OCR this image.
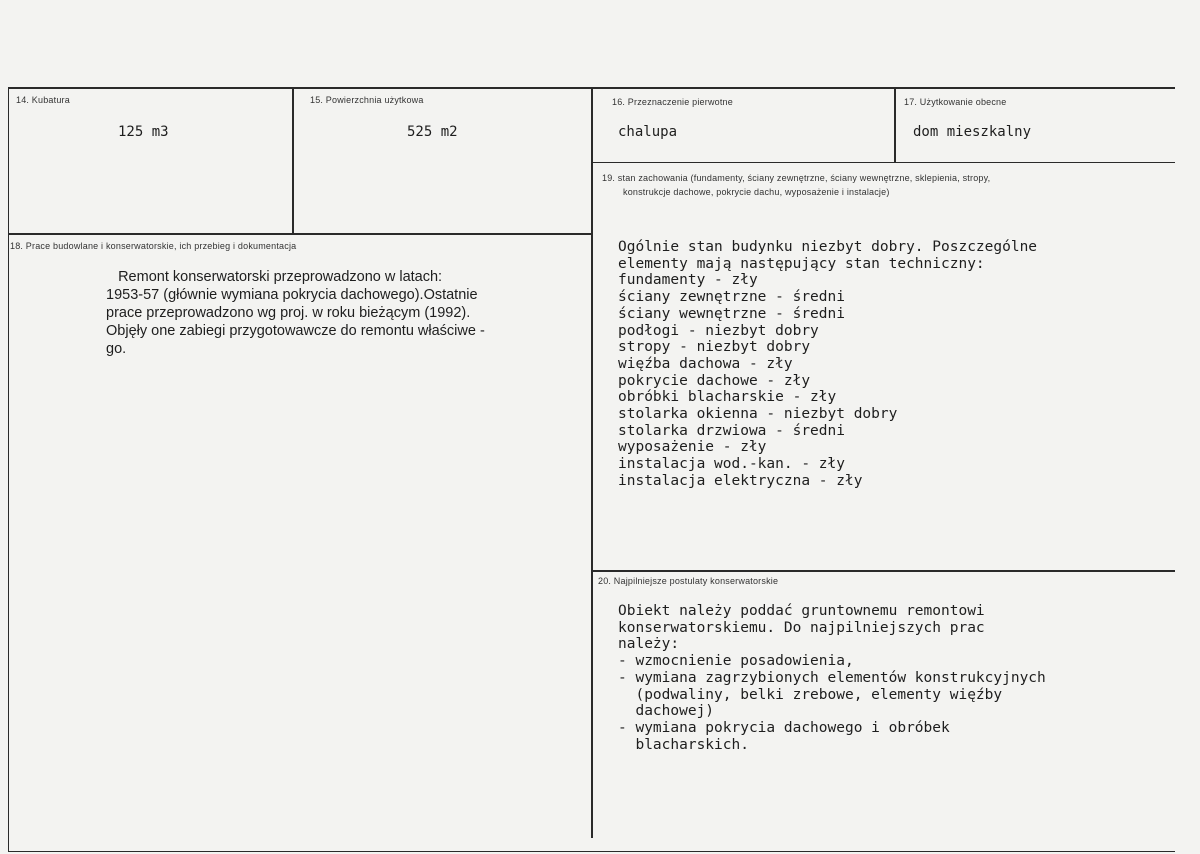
14. Kubatura
125 m3
15. Powierzchnia użytkowa
525 m2
16. Przeznaczenie pierwotne
chalupa
17. Użytkowanie obecne
dom mieszkalny
18. Prace budowlane i konserwatorskie, ich przebieg i dokumentacja
Remont konserwatorski przeprowadzono w latach:
1953-57 (głównie wymiana pokrycia dachowego).Ostatnie
prace przeprowadzono wg proj. w roku bieżącym (1992).
Objęły one zabiegi przygotowawcze do remontu właściwe -
go.
19. stan zachowania (fundamenty, ściany zewnętrzne, ściany wewnętrzne, sklepienia, stropy,
konstrukcje dachowe, pokrycie dachu, wyposażenie i instalacje)
Ogólnie stan budynku niezbyt dobry. Poszczególne
elementy mają następujący stan techniczny:
fundamenty - zły
ściany zewnętrzne - średni
ściany wewnętrzne - średni
podłogi - niezbyt dobry
stropy - niezbyt dobry
więźba dachowa - zły
pokrycie dachowe - zły
obróbki blacharskie - zły
stolarka okienna - niezbyt dobry
stolarka drzwiowa - średni
wyposażenie - zły
instalacja wod.-kan. - zły
instalacja elektryczna - zły
20. Najpilniejsze postulaty konserwatorskie
Obiekt należy poddać gruntownemu remontowi
konserwatorskiemu. Do najpilniejszych prac
należy:
- wzmocnienie posadowienia,
- wymiana zagrzybionych elementów konstrukcyjnych
(podwaliny, belki zrebowe, elementy więźby
dachowej)
- wymiana pokrycia dachowego i obróbek
blacharskich.
